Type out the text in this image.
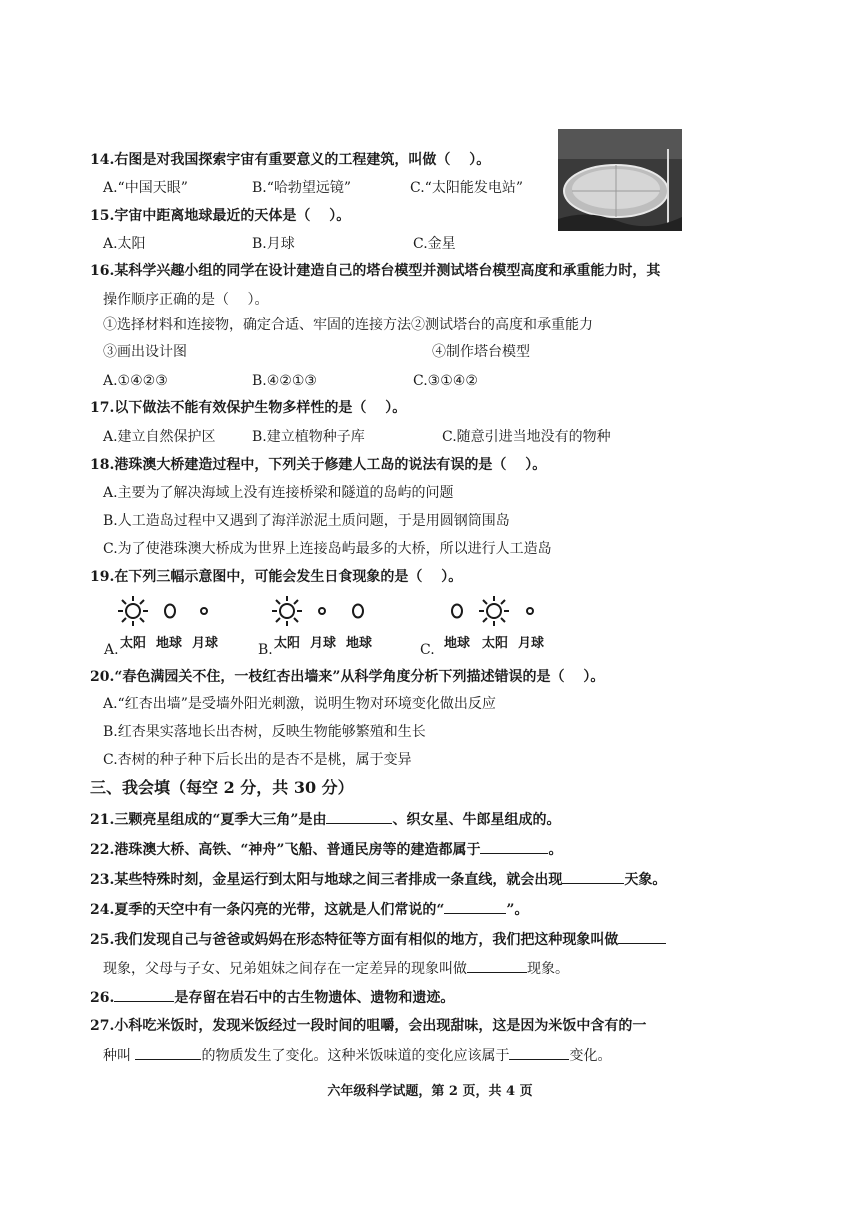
14.右图是对我国探索宇宙有重要意义的工程建筑，叫做（　 ）。
A.“中国天眼”	B.“哈勃望远镜”	C.“太阳能发电站”
15.宇宙中距离地球最近的天体是（　 ）。
A.太阳	B.月球	C.金星
16.某科学兴趣小组的同学在设计建造自己的塔台模型并测试塔台模型高度和承重能力时，其
操作顺序正确的是（　 ）。
①选择材料和连接物，确定合适、牢固的连接方法②测试塔台的高度和承重能力
③画出设计图	④制作塔台模型
A.①④②③	B.④②①③	C.③①④②
17.以下做法不能有效保护生物多样性的是（　 ）。
A.建立自然保护区	B.建立植物种子库	C.随意引进当地没有的物种
18.港珠澳大桥建造过程中，下列关于修建人工岛的说法有误的是（　 ）。
A.主要为了解决海域上没有连接桥梁和隧道的岛屿的问题
B.人工造岛过程中又遇到了海洋淤泥土质问题，于是用圆钢筒围岛
C.为了使港珠澳大桥成为世界上连接岛屿最多的大桥，所以进行人工造岛
19.在下列三幅示意图中，可能会发生日食现象的是（　 ）。
A. 太阳 地球 月球	B. 太阳 月球 地球	C. 地球 太阳 月球
20.“春色满园关不住，一枝红杏出墙来”从科学角度分析下列描述错误的是（　 ）。
A.“红杏出墙”是受墙外阳光刺激，说明生物对环境变化做出反应
B.红杏果实落地长出杏树，反映生物能够繁殖和生长
C.杏树的种子种下后长出的是杏不是桃，属于变异
三、我会填（每空 2 分，共 30 分）
21.三颗亮星组成的“夏季大三角”是由	、织女星、牛郎星组成的。
22.港珠澳大桥、高铁、“神舟”飞船、普通民房等的建造都属于	。
23.某些特殊时刻，金星运行到太阳与地球之间三者排成一条直线，就会出现	天象。
24.夏季的天空中有一条闪亮的光带，这就是人们常说的“	”。
25.我们发现自己与爸爸或妈妈在形态特征等方面有相似的地方，我们把这种现象叫做
现象，父母与子女、兄弟姐妹之间存在一定差异的现象叫做	现象。
26.	是存留在岩石中的古生物遗体、遗物和遗迹。
27.小科吃米饭时，发现米饭经过一段时间的咀嚼，会出现甜味，这是因为米饭中含有的一
种叫	的物质发生了变化。这种米饭味道的变化应该属于	变化。
六年级科学试题，第 2 页，共 4 页
